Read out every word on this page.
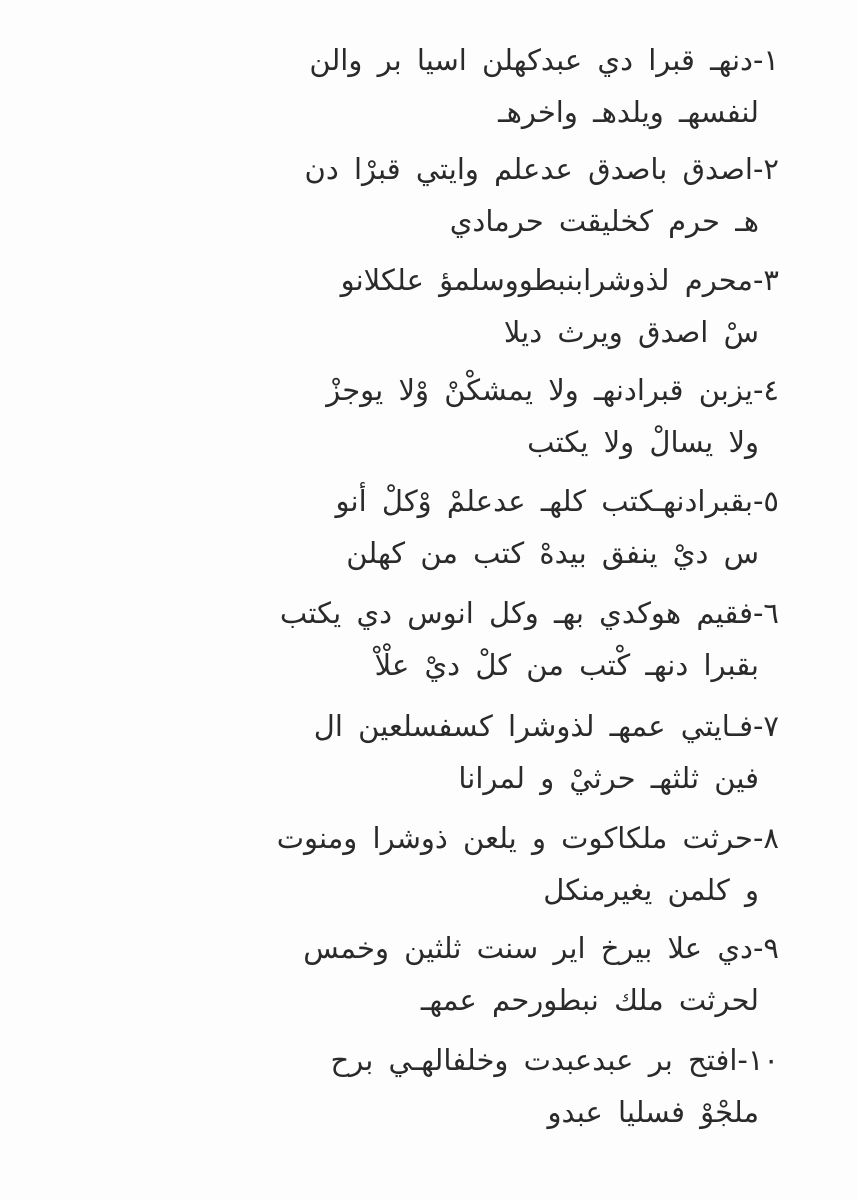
١-دنهـ قبرا دي عبدكهلن اسيا بر والن
لنفسهـ ويلدهـ واخرهـ
٢-اصدق باصدق عدعلم وايتي قبرْا دن
هـ حرم كخليقت حرمادي
٣-محرم لذوشرابنبطووسلمؤ علكلانو
سْ اصدق ويرث ديلا
٤-يزبن قبرادنهـ ولا يمشكْنْ وْلا يوجزْ
ولا يسالْ ولا يكتب
٥-بقبرادنهـكتب كلهـ عدعلمْ وْكلْ أنو
س ديْ ينفق بيدهْ كتب من كهلن
٦-فقيم هوكدي بهـ وكل انوس دي يكتب
بقبرا دنهـ كْتب من كلْ ديْ علْاْ
٧-فـايتي عمهـ لذوشرا كسفسلعين ال
فين ثلثهـ حرثيْ و لمرانا
٨-حرثت ملكاكوت و يلعن ذوشرا ومنوت
و كلمن يغيرمنكل
٩-دي علا بيرخ اير سنت ثلثين وخمس
لحرثت ملك نبطورحم عمهـ
١٠-افتح بر عبدعبدت وخلفالهـي برح
ملجْوْ فسليا عبدو
